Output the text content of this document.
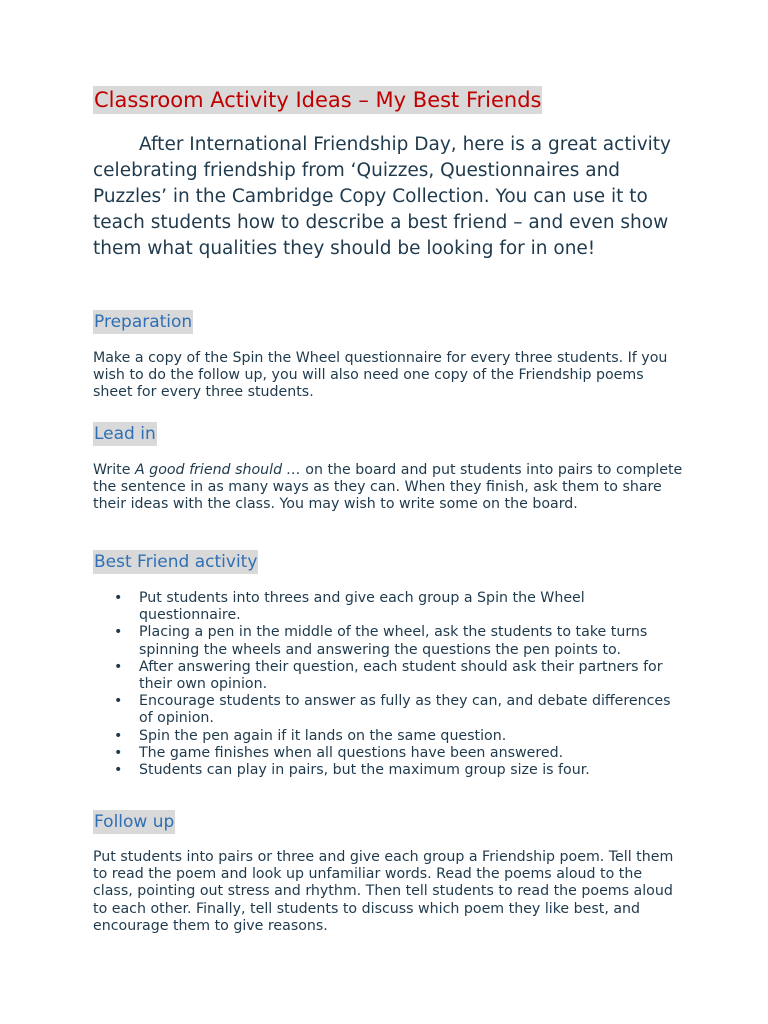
Classroom Activity Ideas – My Best Friends

After International Friendship Day, here is a great activity celebrating friendship from ‘Quizzes, Questionnaires and Puzzles’ in the Cambridge Copy Collection. You can use it to teach students how to describe a best friend – and even show them what qualities they should be looking for in one!

Preparation

Make a copy of the Spin the Wheel questionnaire for every three students. If you wish to do the follow up, you will also need one copy of the Friendship poems sheet for every three students.

Lead in

Write A good friend should … on the board and put students into pairs to complete the sentence in as many ways as they can. When they finish, ask them to share their ideas with the class. You may wish to write some on the board.

Best Friend activity
• Put students into threes and give each group a Spin the Wheel questionnaire.
• Placing a pen in the middle of the wheel, ask the students to take turns spinning the wheels and answering the questions the pen points to.
• After answering their question, each student should ask their partners for their own opinion.
• Encourage students to answer as fully as they can, and debate differences of opinion.
• Spin the pen again if it lands on the same question.
• The game finishes when all questions have been answered.
• Students can play in pairs, but the maximum group size is four.
Follow up

Put students into pairs or three and give each group a Friendship poem. Tell them to read the poem and look up unfamiliar words. Read the poems aloud to the class, pointing out stress and rhythm. Then tell students to read the poems aloud to each other. Finally, tell students to discuss which poem they like best, and encourage them to give reasons.
